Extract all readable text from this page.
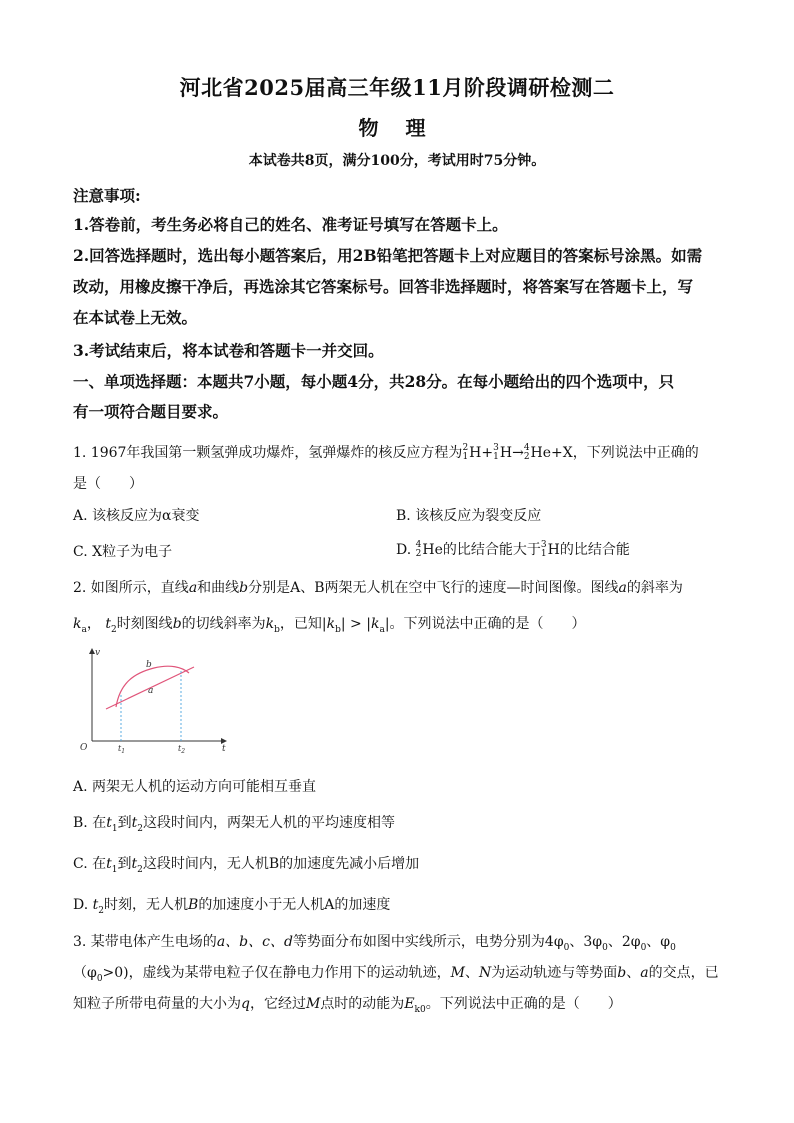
河北省2025届高三年级11月阶段调研检测二
物 理
本试卷共8页，满分100分，考试用时75分钟。
注意事项:
1.答卷前，考生务必将自己的姓名、准考证号填写在答题卡上。
2.回答选择题时，选出每小题答案后，用2B铅笔把答题卡上对应题目的答案标号涂黑。如需
改动，用橡皮擦干净后，再选涂其它答案标号。回答非选择题时，将答案写在答题卡上，写
在本试卷上无效。
3.考试结束后，将本试卷和答题卡一并交回。
一、单项选择题：本题共7小题，每小题4分，共28分。在每小题给出的四个选项中，只
有一项符合题目要求。
1. 1967年我国第一颗氢弹成功爆炸，氢弹爆炸的核反应方程为 2
1 H+ 3
1 H→ 4
2 He+X，下列说法中正确的
是（　　）
A. 该核反应为α衰变	B. 该核反应为裂变反应
C. X粒子为电子	D. 4
2 He的比结合能大于 3
1 H的比结合能
2. 如图所示，直线a和曲线b分别是A、B两架无人机在空中飞行的速度—时间图像。图线a的斜率为
$k_a$， $t_2$时刻图线b的切线斜率为$k_b$，已知$|k_b| > |k_a|$。下列说法中正确的是（　　）
v
t
O
a
b
$t_1$	$t_2$
A. 两架无人机的运动方向可能相互垂直
B. 在$t_1$到$t_2$这段时间内，两架无人机的平均速度相等
C. 在$t_1$到$t_2$这段时间内，无人机B的加速度先减小后增加
D. $t_2$时刻，无人机B的加速度小于无人机A的加速度
3. 某带电体产生电场的a、b、c、d等势面分布如图中实线所示，电势分别为$4\varphi_0$、$3\varphi_0$、$2\varphi_0$、$\varphi_0$
$(\varphi_0>0)$，虚线为某带电粒子仅在静电力作用下的运动轨迹，M、N为运动轨迹与等势面b、a的交点，已
知粒子所带电荷量的大小为q，它经过M点时的动能为$E_{k0}$。下列说法中正确的是（　　）
